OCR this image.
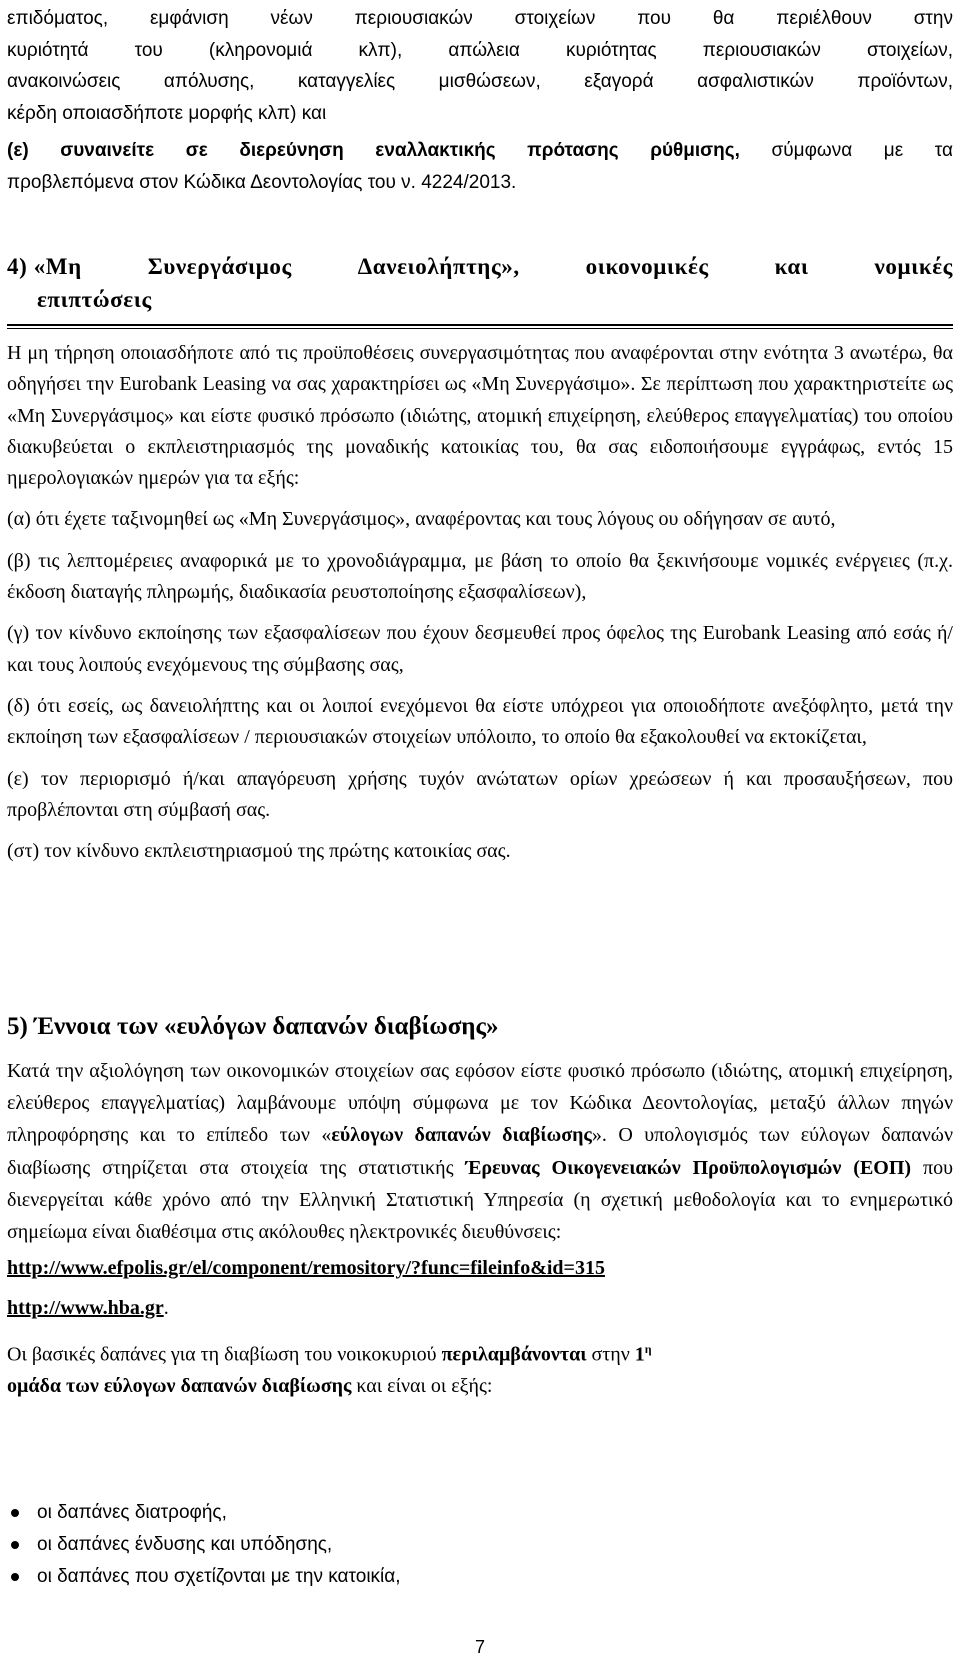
επιδόματος, εμφάνιση νέων περιουσιακών στοιχείων που θα περιέλθουν στην

κυριότητά του (κληρονομιά κλπ), απώλεια κυριότητας περιουσιακών στοιχείων,

ανακοινώσεις απόλυσης, καταγγελίες μισθώσεων, εξαγορά ασφαλιστικών προϊόντων,

κέρδη οποιασδήποτε μορφής κλπ) και

(ε) συναινείτε σε διερεύνηση εναλλακτικής πρότασης ρύθμισης, σύμφωνα με τα

προβλεπόμενα στον Κώδικα Δεοντολογίας του ν. 4224/2013.

4) «Μη	Συνεργάσιμος	Δανειολήπτης»,	οικονομικές	και	νομικές
επιπτώσεις

Η μη τήρηση οποιασδήποτε από τις προϋποθέσεις συνεργασιμότητας που αναφέρονται στην ενότητα 3 ανωτέρω, θα οδηγήσει την Eurobank Leasing να σας χαρακτηρίσει ως «Μη Συνεργάσιμο». Σε περίπτωση που χαρακτηριστείτε ως «Μη Συνεργάσιμος» και είστε φυσικό πρόσωπο (ιδιώτης, ατομική επιχείρηση, ελεύθερος επαγγελματίας) του οποίου διακυβεύεται ο εκπλειστηριασμός της μοναδικής κατοικίας του, θα σας ειδοποιήσουμε εγγράφως, εντός 15 ημερολογιακών ημερών για τα εξής:

(α) ότι έχετε ταξινομηθεί ως «Μη Συνεργάσιμος», αναφέροντας και τους λόγους ου οδήγησαν σε αυτό,

(β) τις λεπτομέρειες αναφορικά με το χρονοδιάγραμμα, με βάση το οποίο θα ξεκινήσουμε νομικές ενέργειες (π.χ. έκδοση διαταγής πληρωμής, διαδικασία ρευστοποίησης εξασφαλίσεων),

(γ) τον κίνδυνο εκποίησης των εξασφαλίσεων που έχουν δεσμευθεί προς όφελος της Eurobank Leasing από εσάς ή/και τους λοιπούς ενεχόμενους της σύμβασης σας,

(δ) ότι εσείς, ως δανειολήπτης και οι λοιποί ενεχόμενοι θα είστε υπόχρεοι για οποιοδήποτε ανεξόφλητο, μετά την εκποίηση των εξασφαλίσεων / περιουσιακών στοιχείων υπόλοιπο, το οποίο θα εξακολουθεί να εκτοκίζεται,

(ε) τον περιορισμό ή/και απαγόρευση χρήσης τυχόν ανώτατων ορίων χρεώσεων ή και προσαυξήσεων, που προβλέπονται στη σύμβασή σας.

(στ) τον κίνδυνο εκπλειστηριασμού της πρώτης κατοικίας σας.

5) Έννοια των «ευλόγων δαπανών διαβίωσης»

Κατά την αξιολόγηση των οικονομικών στοιχείων σας εφόσον είστε φυσικό πρόσωπο (ιδιώτης, ατομική επιχείρηση, ελεύθερος επαγγελματίας) λαμβάνουμε υπόψη σύμφωνα με τον Κώδικα Δεοντολογίας, μεταξύ άλλων πηγών πληροφόρησης και το επίπεδο των «εύλογων δαπανών διαβίωσης». Ο υπολογισμός των εύλογων δαπανών διαβίωσης στηρίζεται στα στοιχεία της στατιστικής Έρευνας Οικογενειακών Προϋπολογισμών (ΕΟΠ) που διενεργείται κάθε χρόνο από την Ελληνική Στατιστική Υπηρεσία (η σχετική μεθοδολογία και το ενημερωτικό σημείωμα είναι διαθέσιμα στις ακόλουθες ηλεκτρονικές διευθύνσεις:

http://www.efpolis.gr/el/component/remository/?func=fileinfo&id=315

http://www.hba.gr.

Οι βασικές δαπάνες για τη διαβίωση του νοικοκυριού περιλαμβάνονται στην $1^\eta$
ομάδα των εύλογων δαπανών διαβίωσης και είναι οι εξής:

οι δαπάνες διατροφής,
οι δαπάνες ένδυσης και υπόδησης,
οι δαπάνες που σχετίζονται με την κατοικία,
7
